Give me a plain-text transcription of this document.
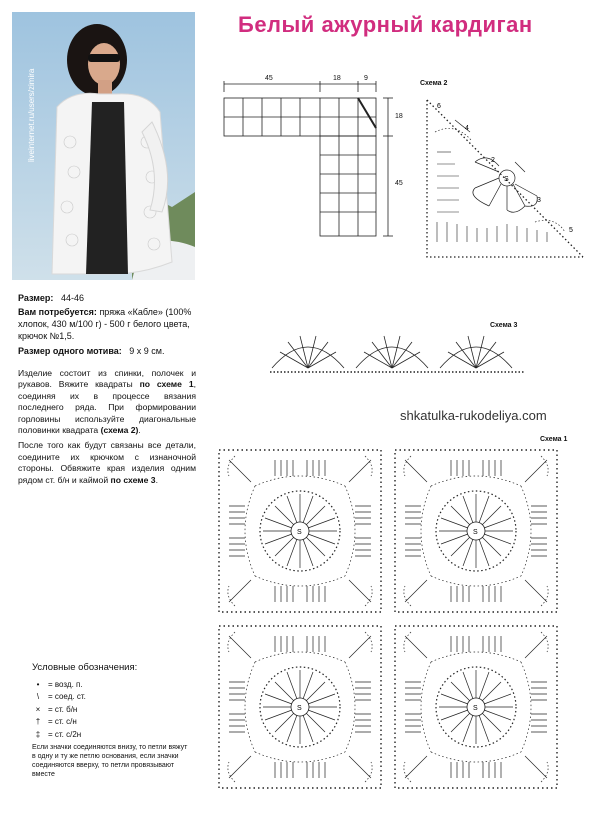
Белый ажурный кардиган
liveinternet.ru/users/zimira
Размер: 44-46
Вам потребуется: пряжа «Кабле» (100% хлопок, 430 м/100 г) - 500 г белого цвета, крючок №1,5.
Размер одного мотива: 9 х 9 см.

Изделие состоит из спинки, полочек и рукавов. Вяжите квадраты по схеме 1, соединяя их в процессе вязания последнего ряда. При формировании горловины используйте диагональные половинки квадрата (схема 2).

После того как будут связаны все детали, соедините их крючком с изнаночной стороны. Обвяжите края изделия одним рядом ст. б/н и каймой по схеме 3.

shkatulka-rukodeliya.com
45	18	9
18
45
Схема 2
S
2
3
4
5
6
Схема 3
Схема 1
Условные обозначения:
•	= возд. п.
\	= соед. ст.
× = ст. б/н
† = ст. с/н
‡ = ст. с/2н
Если значки соединяются внизу, то петли вяжут в одну и ту же петлю основания, если значки соединяются вверху, то петли провязывают вместе
